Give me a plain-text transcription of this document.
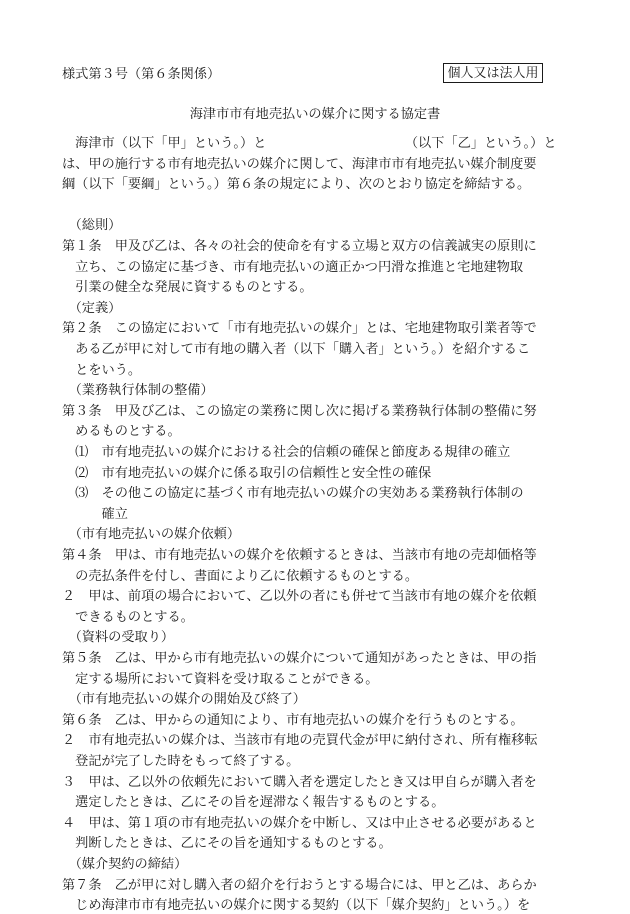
様式第３号（第６条関係）	個人又は法人用
海津市市有地売払いの媒介に関する協定書
　海津市（以下「甲」という。）と　　　　　　　　　　　（以下「乙」という。）と
は、甲の施行する市有地売払いの媒介に関して、海津市市有地売払い媒介制度要
綱（以下「要綱」という。）第６条の規定により、次のとおり協定を締結する。
　（総則）
第１条　甲及び乙は、各々の社会的使命を有する立場と双方の信義誠実の原則に
　立ち、この協定に基づき、市有地売払いの適正かつ円滑な推進と宅地建物取
　引業の健全な発展に資するものとする。
　（定義）
第２条　この協定において「市有地売払いの媒介」とは、宅地建物取引業者等で
　ある乙が甲に対して市有地の購入者（以下「購入者」という。）を紹介するこ
　とをいう。
　（業務執行体制の整備）
第３条　甲及び乙は、この協定の業務に関し次に掲げる業務執行体制の整備に努
　めるものとする。
　⑴　市有地売払いの媒介における社会的信頼の確保と節度ある規律の確立
　⑵　市有地売払いの媒介に係る取引の信頼性と安全性の確保
　⑶　その他この協定に基づく市有地売払いの媒介の実効ある業務執行体制の
　　　確立
　（市有地売払いの媒介依頼）
第４条　甲は、市有地売払いの媒介を依頼するときは、当該市有地の売却価格等
　の売払条件を付し、書面により乙に依頼するものとする。
２　甲は、前項の場合において、乙以外の者にも併せて当該市有地の媒介を依頼
　できるものとする。
　（資料の受取り）
第５条　乙は、甲から市有地売払いの媒介について通知があったときは、甲の指
　定する場所において資料を受け取ることができる。
　（市有地売払いの媒介の開始及び終了）
第６条　乙は、甲からの通知により、市有地売払いの媒介を行うものとする。
２　市有地売払いの媒介は、当該市有地の売買代金が甲に納付され、所有権移転
　登記が完了した時をもって終了する。
３　甲は、乙以外の依頼先において購入者を選定したとき又は甲自らが購入者を
　選定したときは、乙にその旨を遅滞なく報告するものとする。
４　甲は、第１項の市有地売払いの媒介を中断し、又は中止させる必要があると
　判断したときは、乙にその旨を通知するものとする。
　（媒介契約の締結）
第７条　乙が甲に対し購入者の紹介を行おうとする場合には、甲と乙は、あらか
　じめ海津市市有地売払いの媒介に関する契約（以下「媒介契約」という。）を
